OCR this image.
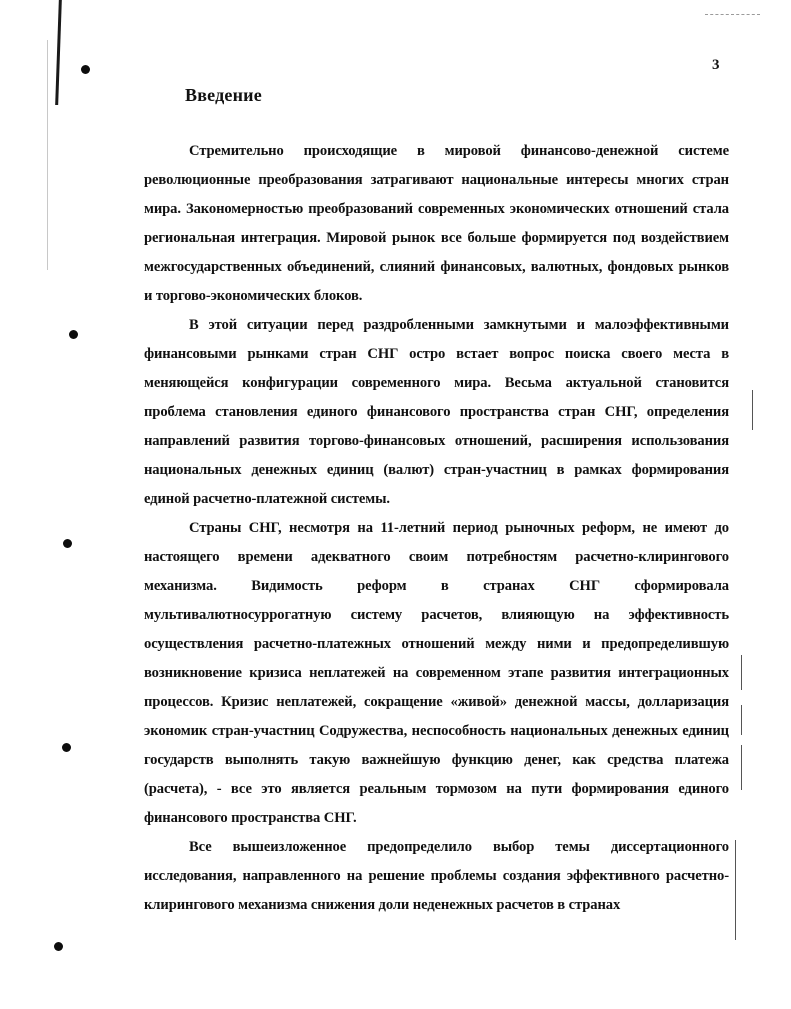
3
Введение

Стремительно происходящие в мировой финансово-денежной системе революционные преобразования затрагивают национальные интересы многих стран мира. Закономерностью преобразований современных экономических отношений стала региональная интеграция. Мировой рынок все больше формируется под воздействием межгосударственных объединений, слияний финансовых, валютных, фондовых рынков и торгово-экономических блоков.

В этой ситуации перед раздробленными замкнутыми и малоэффективными финансовыми рынками стран СНГ остро встает вопрос поиска своего места в меняющейся конфигурации современного мира. Весьма актуальной становится проблема становления единого финансового пространства стран СНГ, определения направлений развития торгово-финансовых отношений, расширения использования национальных денежных единиц (валют) стран-участниц в рамках формирования единой расчетно-платежной системы.

Страны СНГ, несмотря на 11-летний период рыночных реформ, не имеют до настоящего времени адекватного своим потребностям расчетно-клирингового механизма. Видимость реформ в странах СНГ сформировала мультивалютносуррогатную систему расчетов, влияющую на эффективность осуществления расчетно-платежных отношений между ними и предопределившую возникновение кризиса неплатежей на современном этапе развития интеграционных процессов. Кризис неплатежей, сокращение «живой» денежной массы, долларизация экономик стран-участниц Содружества, неспособность национальных денежных единиц государств выполнять такую важнейшую функцию денег, как средства платежа (расчета), - все это является реальным тормозом на пути формирования единого финансового пространства СНГ.

Все вышеизложенное предопределило выбор темы диссертационного исследования, направленного на решение проблемы создания эффективного расчетно-клирингового механизма снижения доли неденежных расчетов в странах
